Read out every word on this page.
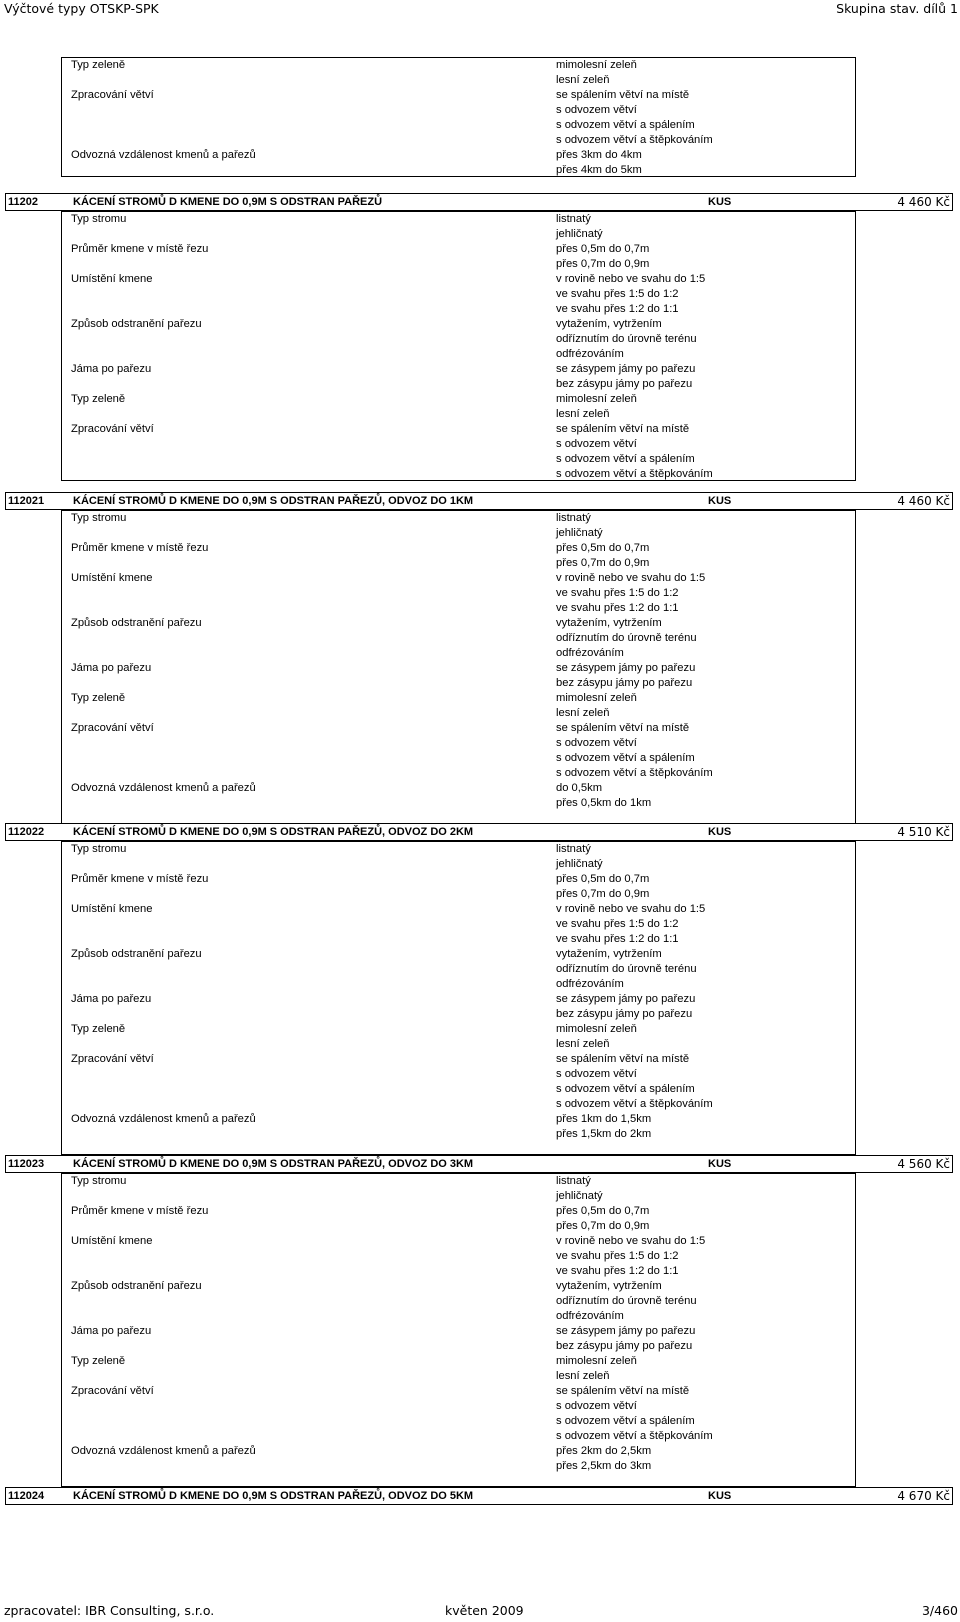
Výčtové typy OTSKP-SPK	Skupina stav. dílů 1
Typ zeleně	mimolesní zeleň
lesní zeleň
Zpracování větví	se spálením větví na místě
s odvozem větví
s odvozem větví a spálením
s odvozem větví a štěpkováním
Odvozná vzdálenost kmenů a pařezů	přes 3km do 4km
přes 4km do 5km
11202	KÁCENÍ STROMŮ D KMENE DO 0,9M S ODSTRAN PAŘEZŮ	KUS	4 460 Kč
Typ stromu	listnatý
jehličnatý
Průměr kmene v místě řezu	přes 0,5m do 0,7m
přes 0,7m do 0,9m
Umístění kmene	v rovině nebo ve svahu do 1:5
ve svahu přes 1:5 do 1:2
ve svahu přes 1:2 do 1:1
Způsob odstranění pařezu	vytažením, vytržením
odříznutím do úrovně terénu
odfrézováním
Jáma po pařezu	se zásypem jámy po pařezu
bez zásypu jámy po pařezu
Typ zeleně	mimolesní zeleň
lesní zeleň
Zpracování větví	se spálením větví na místě
s odvozem větví
s odvozem větví a spálením
s odvozem větví a štěpkováním
112021	KÁCENÍ STROMŮ D KMENE DO 0,9M S ODSTRAN PAŘEZŮ, ODVOZ DO 1KM	KUS	4 460 Kč
Typ stromu	listnatý
jehličnatý
Průměr kmene v místě řezu	přes 0,5m do 0,7m
přes 0,7m do 0,9m
Umístění kmene	v rovině nebo ve svahu do 1:5
ve svahu přes 1:5 do 1:2
ve svahu přes 1:2 do 1:1
Způsob odstranění pařezu	vytažením, vytržením
odříznutím do úrovně terénu
odfrézováním
Jáma po pařezu	se zásypem jámy po pařezu
bez zásypu jámy po pařezu
Typ zeleně	mimolesní zeleň
lesní zeleň
Zpracování větví	se spálením větví na místě
s odvozem větví
s odvozem větví a spálením
s odvozem větví a štěpkováním
Odvozná vzdálenost kmenů a pařezů	do 0,5km
přes 0,5km do 1km
112022	KÁCENÍ STROMŮ D KMENE DO 0,9M S ODSTRAN PAŘEZŮ, ODVOZ DO 2KM	KUS	4 510 Kč
Typ stromu	listnatý
jehličnatý
Průměr kmene v místě řezu	přes 0,5m do 0,7m
přes 0,7m do 0,9m
Umístění kmene	v rovině nebo ve svahu do 1:5
ve svahu přes 1:5 do 1:2
ve svahu přes 1:2 do 1:1
Způsob odstranění pařezu	vytažením, vytržením
odříznutím do úrovně terénu
odfrézováním
Jáma po pařezu	se zásypem jámy po pařezu
bez zásypu jámy po pařezu
Typ zeleně	mimolesní zeleň
lesní zeleň
Zpracování větví	se spálením větví na místě
s odvozem větví
s odvozem větví a spálením
s odvozem větví a štěpkováním
Odvozná vzdálenost kmenů a pařezů	přes 1km do 1,5km
přes 1,5km do 2km
112023	KÁCENÍ STROMŮ D KMENE DO 0,9M S ODSTRAN PAŘEZŮ, ODVOZ DO 3KM	KUS	4 560 Kč
Typ stromu	listnatý
jehličnatý
Průměr kmene v místě řezu	přes 0,5m do 0,7m
přes 0,7m do 0,9m
Umístění kmene	v rovině nebo ve svahu do 1:5
ve svahu přes 1:5 do 1:2
ve svahu přes 1:2 do 1:1
Způsob odstranění pařezu	vytažením, vytržením
odříznutím do úrovně terénu
odfrézováním
Jáma po pařezu	se zásypem jámy po pařezu
bez zásypu jámy po pařezu
Typ zeleně	mimolesní zeleň
lesní zeleň
Zpracování větví	se spálením větví na místě
s odvozem větví
s odvozem větví a spálením
s odvozem větví a štěpkováním
Odvozná vzdálenost kmenů a pařezů	přes 2km do 2,5km
přes 2,5km do 3km
112024	KÁCENÍ STROMŮ D KMENE DO 0,9M S ODSTRAN PAŘEZŮ, ODVOZ DO 5KM	KUS	4 670 Kč
zpracovatel: IBR Consulting, s.r.o.	květen 2009	3/460
